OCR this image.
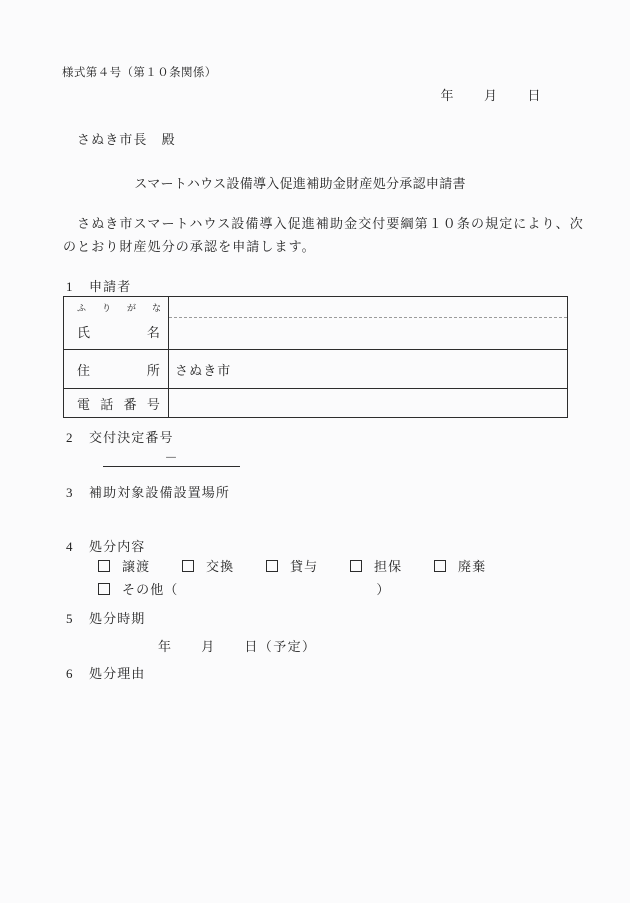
様式第４号（第１０条関係）
年　　月　　日
さぬき市長　殿
スマートハウス設備導入促進補助金財産処分承認申請書
　さぬき市スマートハウス設備導入促進補助金交付要綱第１０条の規定により、次
のとおり財産処分の承認を申請します。
1	申請者
ふりがな
氏名
住所 さぬき市
電話番号
2	交付決定番号
－
3	補助対象設備設置場所
4	処分内容
譲渡	交換	貸与	担保	廃棄
その他（	）
5	処分時期
年　　月　　日（予定）
6	処分理由
